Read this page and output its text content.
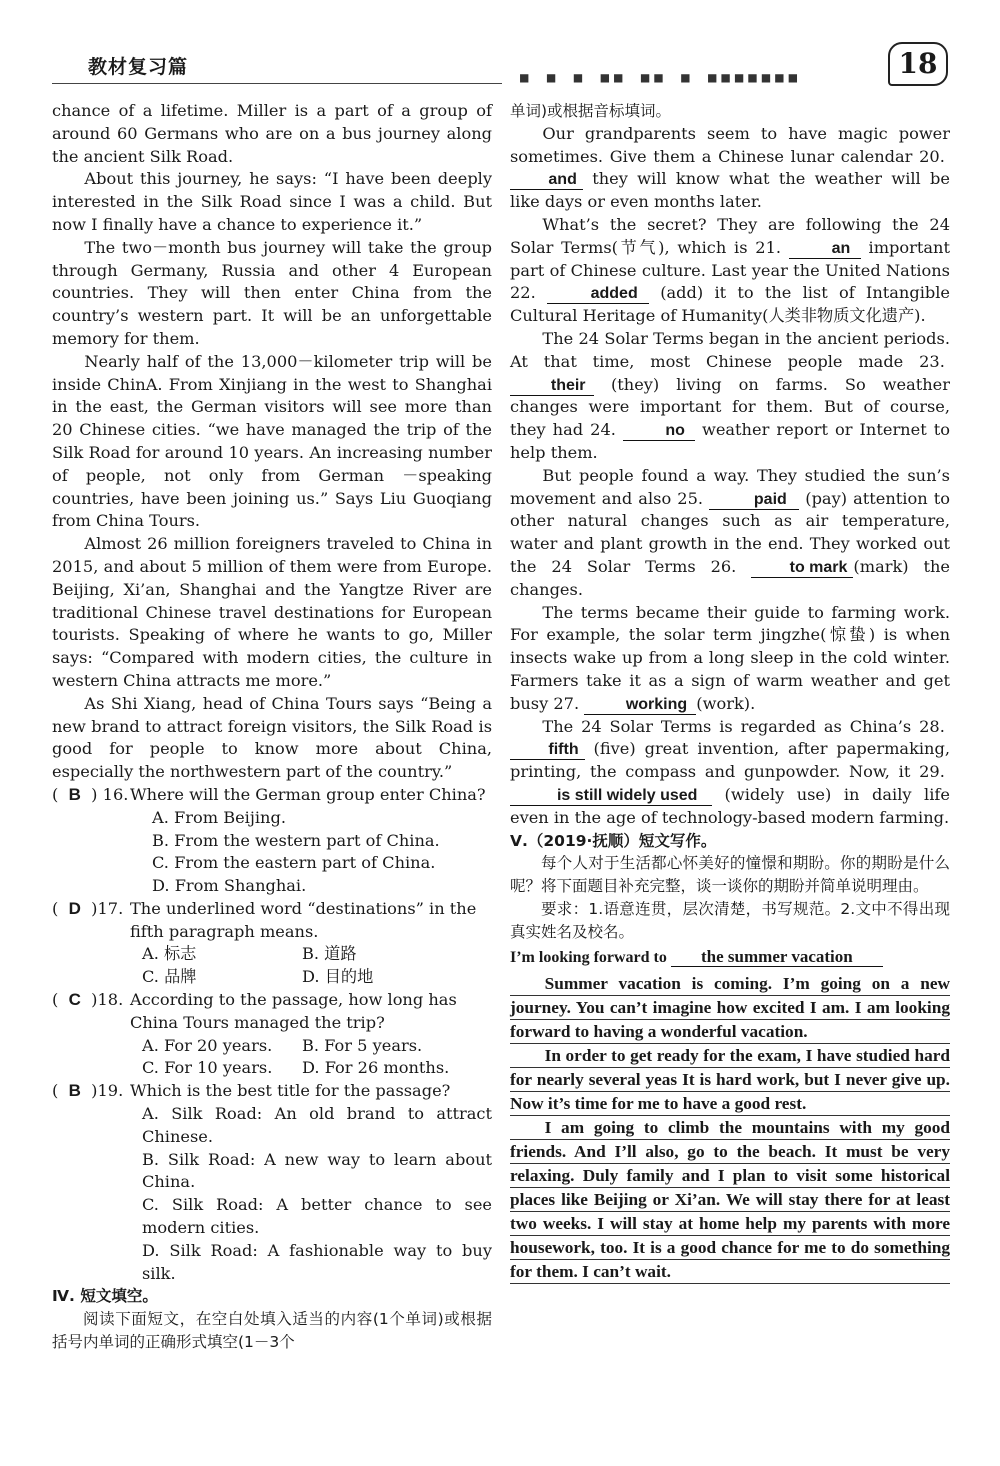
教材复习篇	■ ■ ■ ■■ ■■ ■ ■■■■■■■	18

chance of a lifetime. Miller is a part of a group of around 60 Germans who are on a bus journey along the ancient Silk Road.

About this journey, he says: “I have been deeply interested in the Silk Road since I was a child. But now I finally have a chance to experience it.”

The two－month bus journey will take the group through Germany, Russia and other 4 European countries. They will then enter China from the country’s western part. It will be an unforgettable memory for them.

Nearly half of the 13,000－kilometer trip will be inside ChinA. From Xinjiang in the west to Shanghai in the east, the German visitors will see more than 20 Chinese cities. “we have managed the trip of the Silk Road for around 10 years. An increasing number of people, not only from German －speaking countries, have been joining us.” Says Liu Guoqiang from China Tours.

Almost 26 million foreigners traveled to China in 2015, and about 5 million of them were from Europe. Beijing, Xi’an, Shanghai and the Yangtze River are traditional Chinese travel destinations for European tourists. Speaking of where he wants to go, Miller says: “Compared with modern cities, the culture in western China attracts me more.”

As Shi Xiang, head of China Tours says “Being a new brand to attract foreign visitors, the Silk Road is good for people to know more about China, especially the northwestern part of the country.”

(  B  ) 16. Where will the German group enter China?
A. From Beijing.
B. From the western part of China.
C. From the eastern part of China.
D. From Shanghai.
(  D  )17. The underlined word “destinations” in the fifth paragraph means.
A. 标志	B. 道路
C. 品牌	D. 目的地
(  C  )18. According to the passage, how long has China Tours managed the trip?
A. For 20 years. B. For 5 years.
C. For 10 years. D. For 26 months.
(  B  )19. Which is the best title for the passage?

A. Silk Road: An old brand to attract Chinese.

B. Silk Road: A new way to learn about China.

C. Silk Road: A better chance to see modern cities.

D. Silk Road: A fashionable way to buy silk.

Ⅳ. 短文填空。

阅读下面短文，在空白处填入适当的内容(1个单词)或根据括号内单词的正确形式填空(1－3个

单词)或根据音标填词。

Our grandparents seem to have magic power sometimes. Give them a Chinese lunar calendar 20. and they will know what the weather will be like days or even months later.

What’s the secret? They are following the 24 Solar Terms(节气), which is 21.	an important part of Chinese culture. Last year the United Nations 22.	added (add) it to the list of Intangible Cultural Heritage of Humanity(人类非物质文化遗产).

The 24 Solar Terms began in the ancient periods. At that time, most Chinese people made 23. their (they) living on farms. So weather changes were important for them. But of course, they had 24.	no weather report or Internet to help them.

But people found a way. They studied the sun’s movement and also 25.	paid (pay) attention to other natural changes such as air temperature, water and plant growth in the end. They worked out the 24 Solar Terms 26.	to mark (mark) the changes.

The terms became their guide to farming work. For example, the solar term jingzhe(惊蛰) is when insects wake up from a long sleep in the cold winter. Farmers take it as a sign of warm weather and get busy 27.	working (work).

The 24 Solar Terms is regarded as China’s 28. fifth (five) great invention, after papermaking, printing, the compass and gunpowder. Now, it 29. is still widely used (widely use) in daily life even in the age of technology-based modern farming.

Ⅴ.（2019·抚顺）短文写作。

每个人对于生活都心怀美好的憧憬和期盼。你的期盼是什么呢？将下面题目补充完整，谈一谈你的期盼并简单说明理由。

要求：1.语意连贯，层次清楚，书写规范。2.文中不得出现真实姓名及校名。

I’m looking forward to the summer vacation

Summer vacation is coming. I’m going on a new journey. You can’t imagine how excited I am. I am looking forward to having a wonderful vacation.

In order to get ready for the exam, I have studied hard for nearly several yeas It is hard work, but I never give up. Now it’s time for me to have a good rest.

I am going to climb the mountains with my good friends. And I’ll also, go to the beach. It must be very relaxing. Duly family and I plan to visit some historical places like Beijing or Xi’an. We will stay there for at least two weeks. I will stay at home help my parents with more housework, too. It is a good chance for me to do something for them. I can’t wait.
